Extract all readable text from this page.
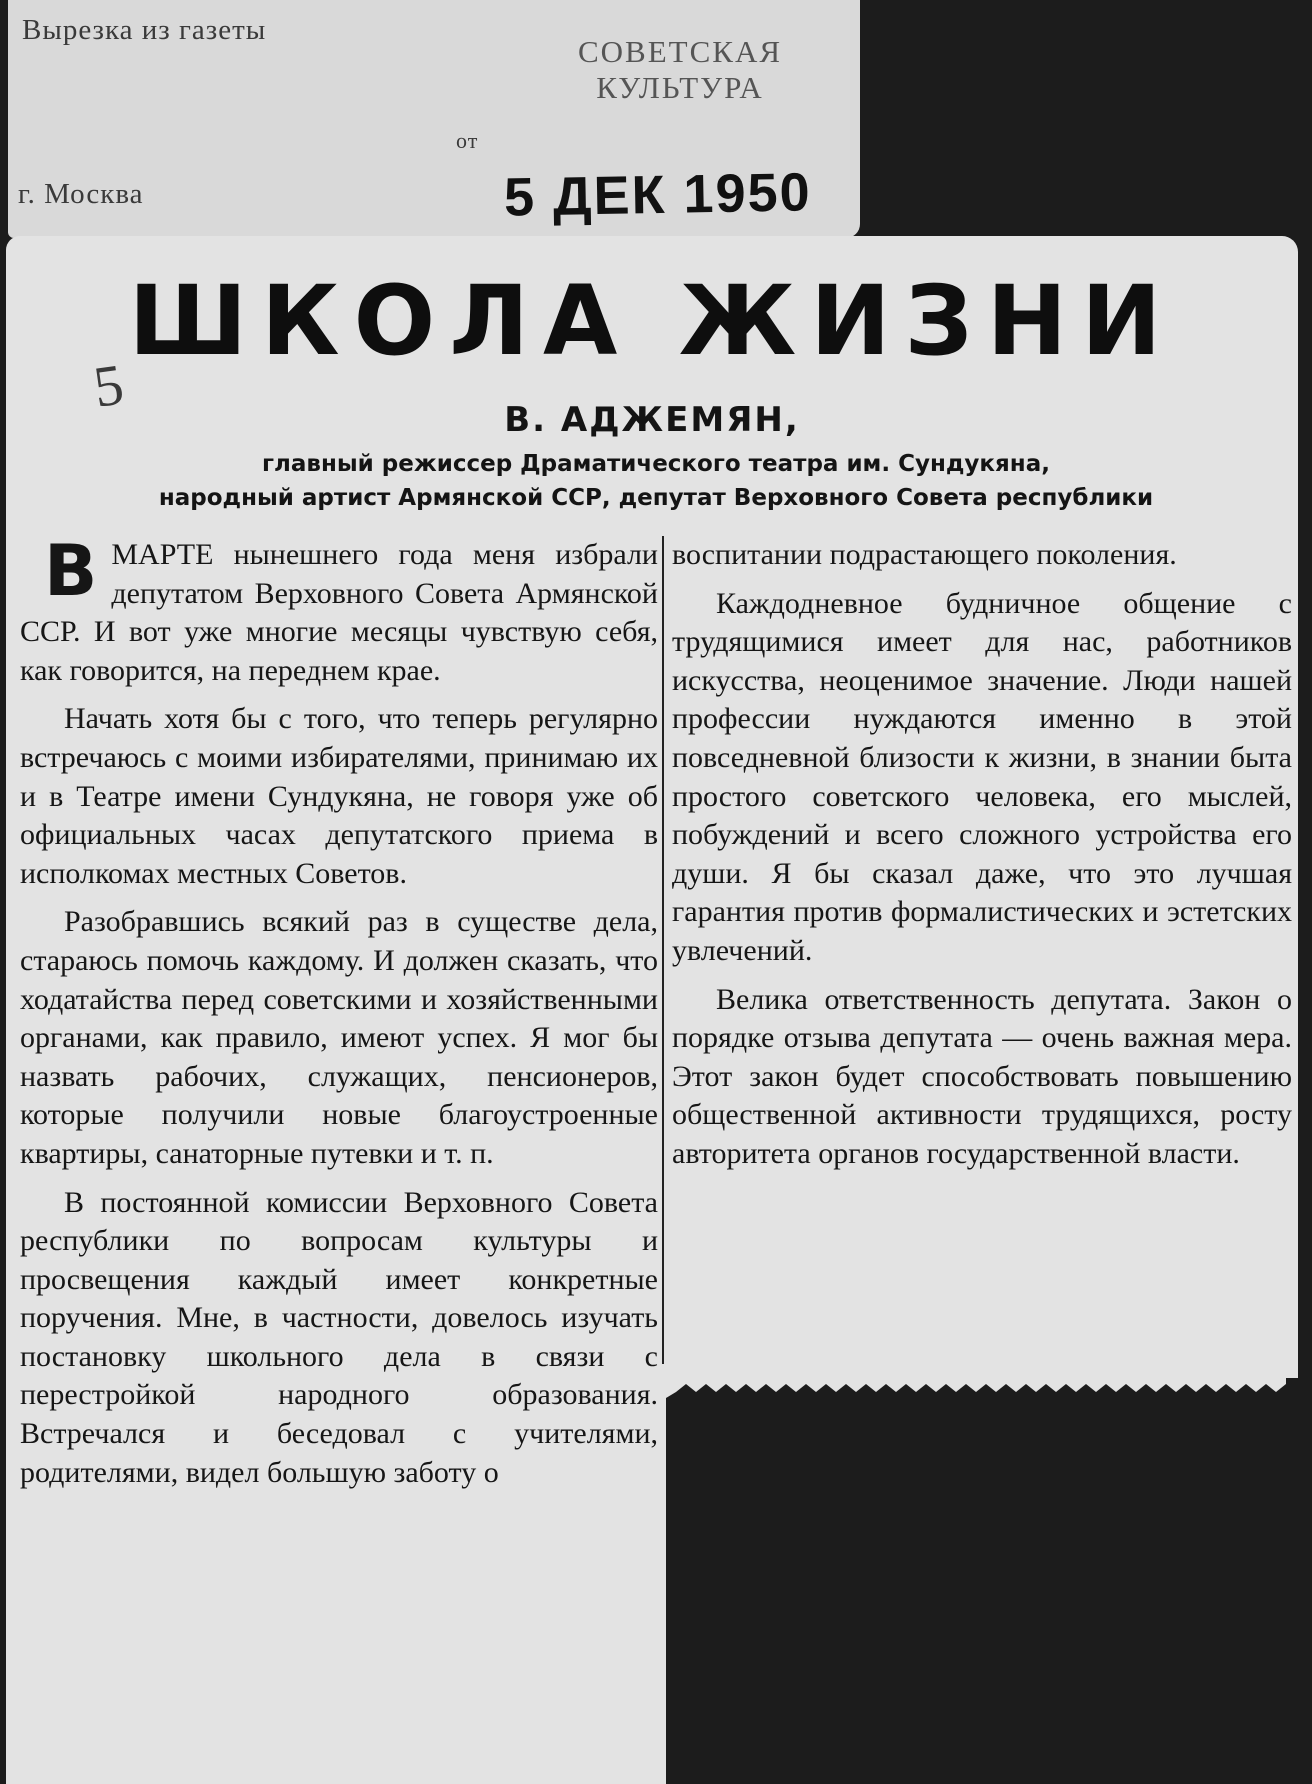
Вырезка из газеты
СОВЕТСКАЯ
КУЛЬТУРА
от
г. Москва	5 ДЕК 1950
ШКОЛА ЖИЗНИ
5
В. АДЖЕМЯН,
главный режиссер Драматического театра им. Сундукяна,
народный артист Армянской ССР, депутат Верховного Совета республики

ВМАРТЕ нынешнего года меня избрали депутатом Верховного Совета Армянской ССР. И вот уже многие месяцы чувствую себя, как говорится, на переднем крае.

Начать хотя бы с того, что теперь регулярно встречаюсь с моими избирателями, принимаю их и в Театре имени Сундукяна, не говоря уже об официальных часах депутатского приема в исполкомах местных Советов.

Разобравшись всякий раз в существе дела, стараюсь помочь каждому. И должен сказать, что ходатайства перед советскими и хозяйственными органами, как правило, имеют успех. Я мог бы назвать рабочих, служащих, пенсионеров, которые получили новые благоустроенные квартиры, санаторные путевки и т. п.

В постоянной комиссии Верховного Совета республики по вопросам культуры и просвещения каждый имеет конкретные поручения. Мне, в частности, довелось изучать постановку школьного дела в связи с перестройкой народного образования. Встречался и беседовал с учителями, родителями, видел большую заботу о

воспитании подрастающего поколения.

Каждодневное будничное общение с трудящимися имеет для нас, работников искусства, неоценимое значение. Люди нашей профессии нуждаются именно в этой повседневной близости к жизни, в знании быта простого советского человека, его мыслей, побуждений и всего сложного устройства его души. Я бы сказал даже, что это лучшая гарантия против формалистических и эстетских увлечений.

Велика ответственность депутата. Закон о порядке отзыва депутата — очень важная мера. Этот закон будет способствовать повышению общественной активности трудящихся, росту авторитета органов государственной власти.
